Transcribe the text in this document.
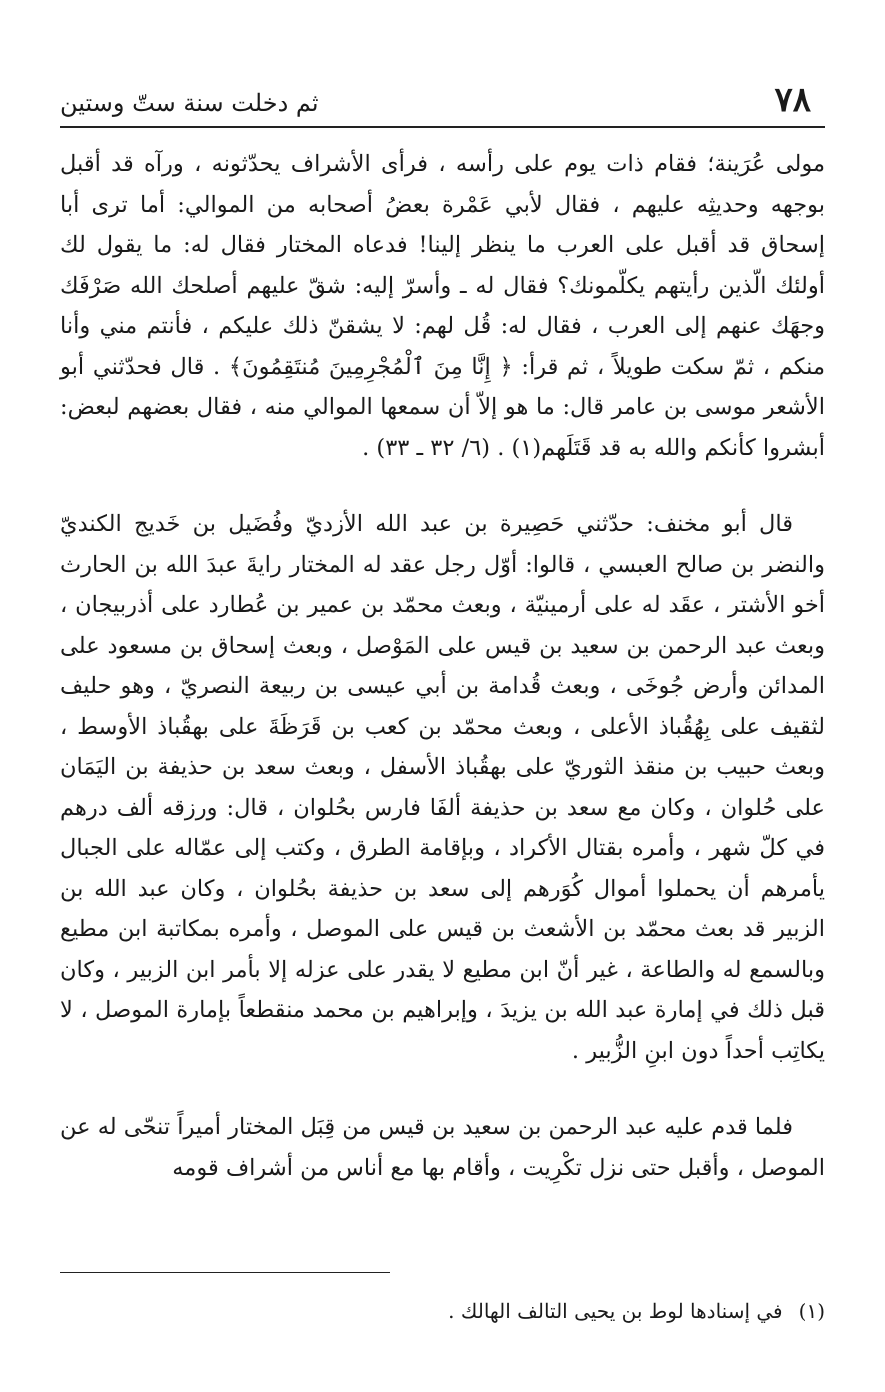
٧٨
ثم دخلت سنة ستّ وستين

مولى عُرَينة؛ فقام ذات يوم على رأسه ، فرأى الأشراف يحدّثونه ، ورآه قد أقبل بوجهه وحديثِه عليهم ، فقال لأبي عَمْرة بعضُ أصحابه من الموالي: أما ترى أبا إسحاق قد أقبل على العرب ما ينظر إلينا! فدعاه المختار فقال له: ما يقول لك أولئك الّذين رأيتهم يكلّمونك؟ فقال له ـ وأسرّ إليه: شقّ عليهم أصلحك الله صَرْفَك وجهَك عنهم إلى العرب ، فقال له: قُل لهم: لا يشقنّ ذلك عليكم ، فأنتم مني وأنا منكم ، ثمّ سكت طويلاً ، ثم قرأ: ﴿ إِنَّا مِنَ ٱلْمُجْرِمِينَ مُنتَقِمُونَ﴾ . قال فحدّثني أبو الأشعر موسى بن عامر قال: ما هو إلاّ أن سمعها الموالي منه ، فقال بعضهم لبعض: أبشروا كأنكم والله به قد قَتَلَهم(١) . (٦/ ٣٢ ـ ٣٣) .

قال أبو مخنف: حدّثني حَصِيرة بن عبد الله الأزديّ وفُضَيل بن خَديج الكنديّ والنضر بن صالح العبسي ، قالوا: أوّل رجل عقد له المختار رايةَ عبدَ الله بن الحارث أخو الأشتر ، عقَد له على أرمينيّة ، وبعث محمّد بن عمير بن عُطارد على أذربيجان ، وبعث عبد الرحمن بن سعيد بن قيس على المَوْصل ، وبعث إسحاق بن مسعود على المدائن وأرض جُوخَى ، وبعث قُدامة بن أبي عيسى بن ربيعة النصريّ ، وهو حليف لثقيف على بِهُقُباذ الأعلى ، وبعث محمّد بن كعب بن قَرَظَةَ على بهقُباذ الأوسط ، وبعث حبيب بن منقذ الثوريّ على بهقُباذ الأسفل ، وبعث سعد بن حذيفة بن اليَمَان على حُلوان ، وكان مع سعد بن حذيفة ألفَا فارس بحُلوان ، قال: ورزقه ألف درهم في كلّ شهر ، وأمره بقتال الأكراد ، وبإقامة الطرق ، وكتب إلى عمّاله على الجبال يأمرهم أن يحملوا أموال كُوَرهم إلى سعد بن حذيفة بحُلوان ، وكان عبد الله بن الزبير قد بعث محمّد بن الأشعث بن قيس على الموصل ، وأمره بمكاتبة ابن مطيع وبالسمع له والطاعة ، غير أنّ ابن مطيع لا يقدر على عزله إلا بأمر ابن الزبير ، وكان قبل ذلك في إمارة عبد الله بن يزيدَ ، وإبراهيم بن محمد منقطعاً بإمارة الموصل ، لا يكاتِب أحداً دون ابنِ الزُّبير .

فلما قدم عليه عبد الرحمن بن سعيد بن قيس من قِبَل المختار أميراً تنحّى له عن الموصل ، وأقبل حتى نزل تكْرِيت ، وأقام بها مع أناس من أشراف قومه

(١)في إسنادها لوط بن يحيى التالف الهالك .
